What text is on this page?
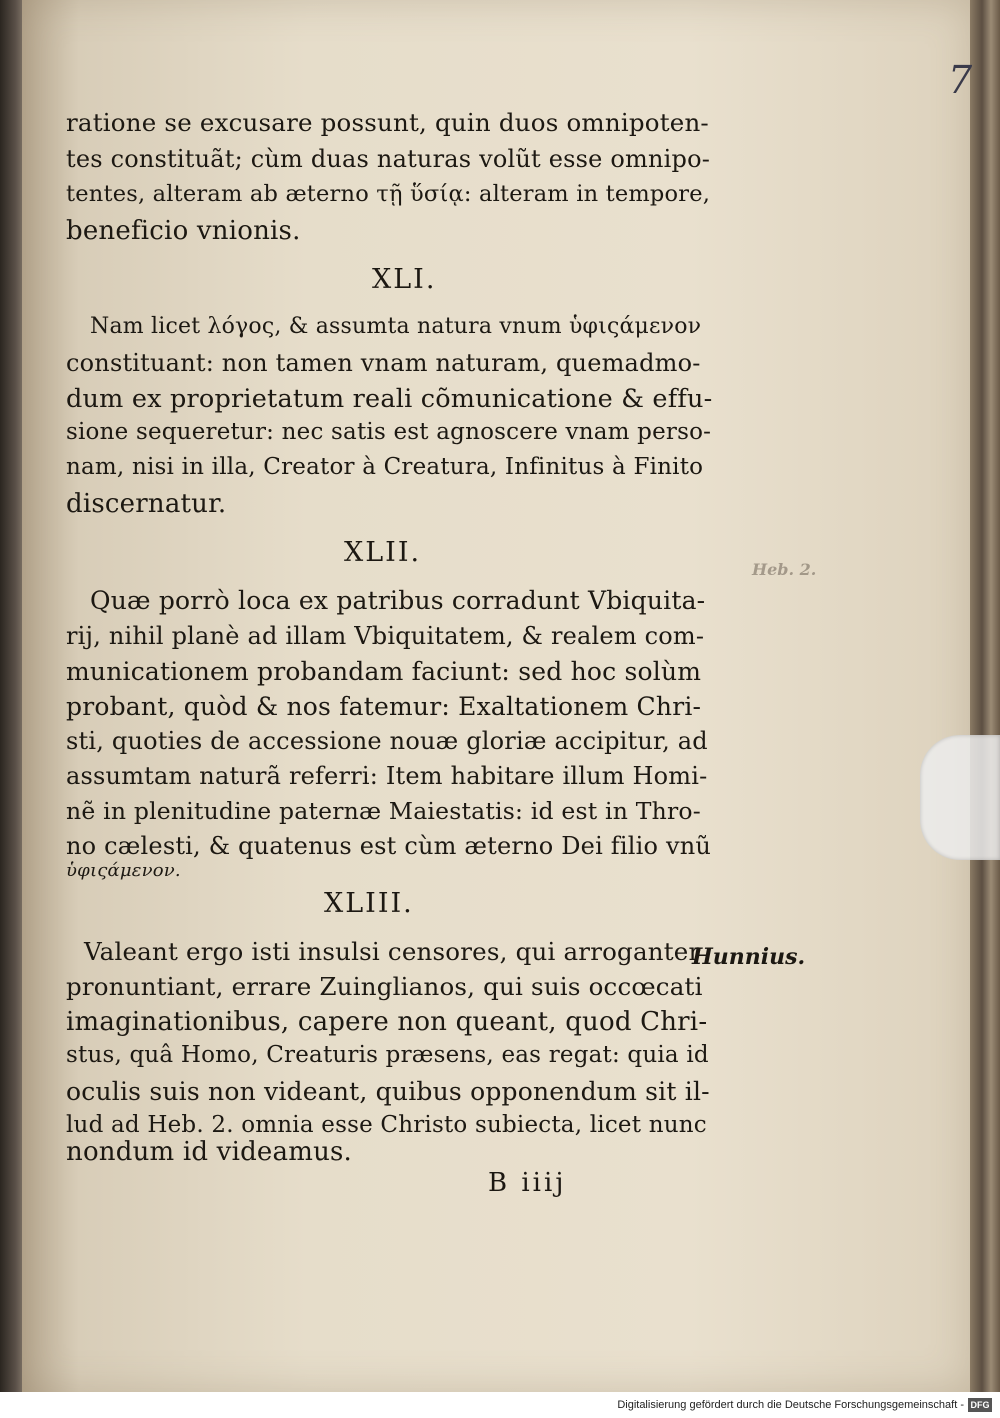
7
ratione se excusare possunt, quin duos omnipoten-
tes constituãt; cùm duas naturas volũt esse omnipo-
tentes, alteram ab æterno τῇ ὕσίᾳ: alteram in tempore,
beneficio vnionis.
XLI.
Nam licet λόγος, & assumta natura vnum ὑφιςάμενον
constituant: non tamen vnam naturam, quemadmo-
dum ex proprietatum reali cõmunicatione & effu-
sione sequeretur: nec satis est agnoscere vnam perso-
nam, nisi in illa, Creator à Creatura, Infinitus à Finito
discernatur.
XLII.
Heb. 2.
Quæ porrò loca ex patribus corradunt Vbiquita-
rij, nihil planè ad illam Vbiquitatem, & realem com-
municationem probandam faciunt: sed hoc solùm
probant, quòd & nos fatemur: Exaltationem Chri-
sti, quoties de accessione nouæ gloriæ accipitur, ad
assumtam naturã referri: Item habitare illum Homi-
nẽ in plenitudine paternæ Maiestatis: id est in Thro-
no cælesti, & quatenus est cùm æterno Dei filio vnũ
ὑφιςάμενον.
XLIII.
Valeant ergo isti insulsi censores, qui arroganter
Hunnius.
pronuntiant, errare Zuinglianos, qui suis occœcati
imaginationibus, capere non queant, quod Chri-
stus, quâ Homo, Creaturis præsens, eas regat: quia id
oculis suis non videant, quibus opponendum sit il-
lud ad Heb. 2. omnia esse Christo subiecta, licet nunc
nondum id videamus.
B iiij
Digitalisierung gefördert durch die Deutsche Forschungsgemeinschaft - DFG
